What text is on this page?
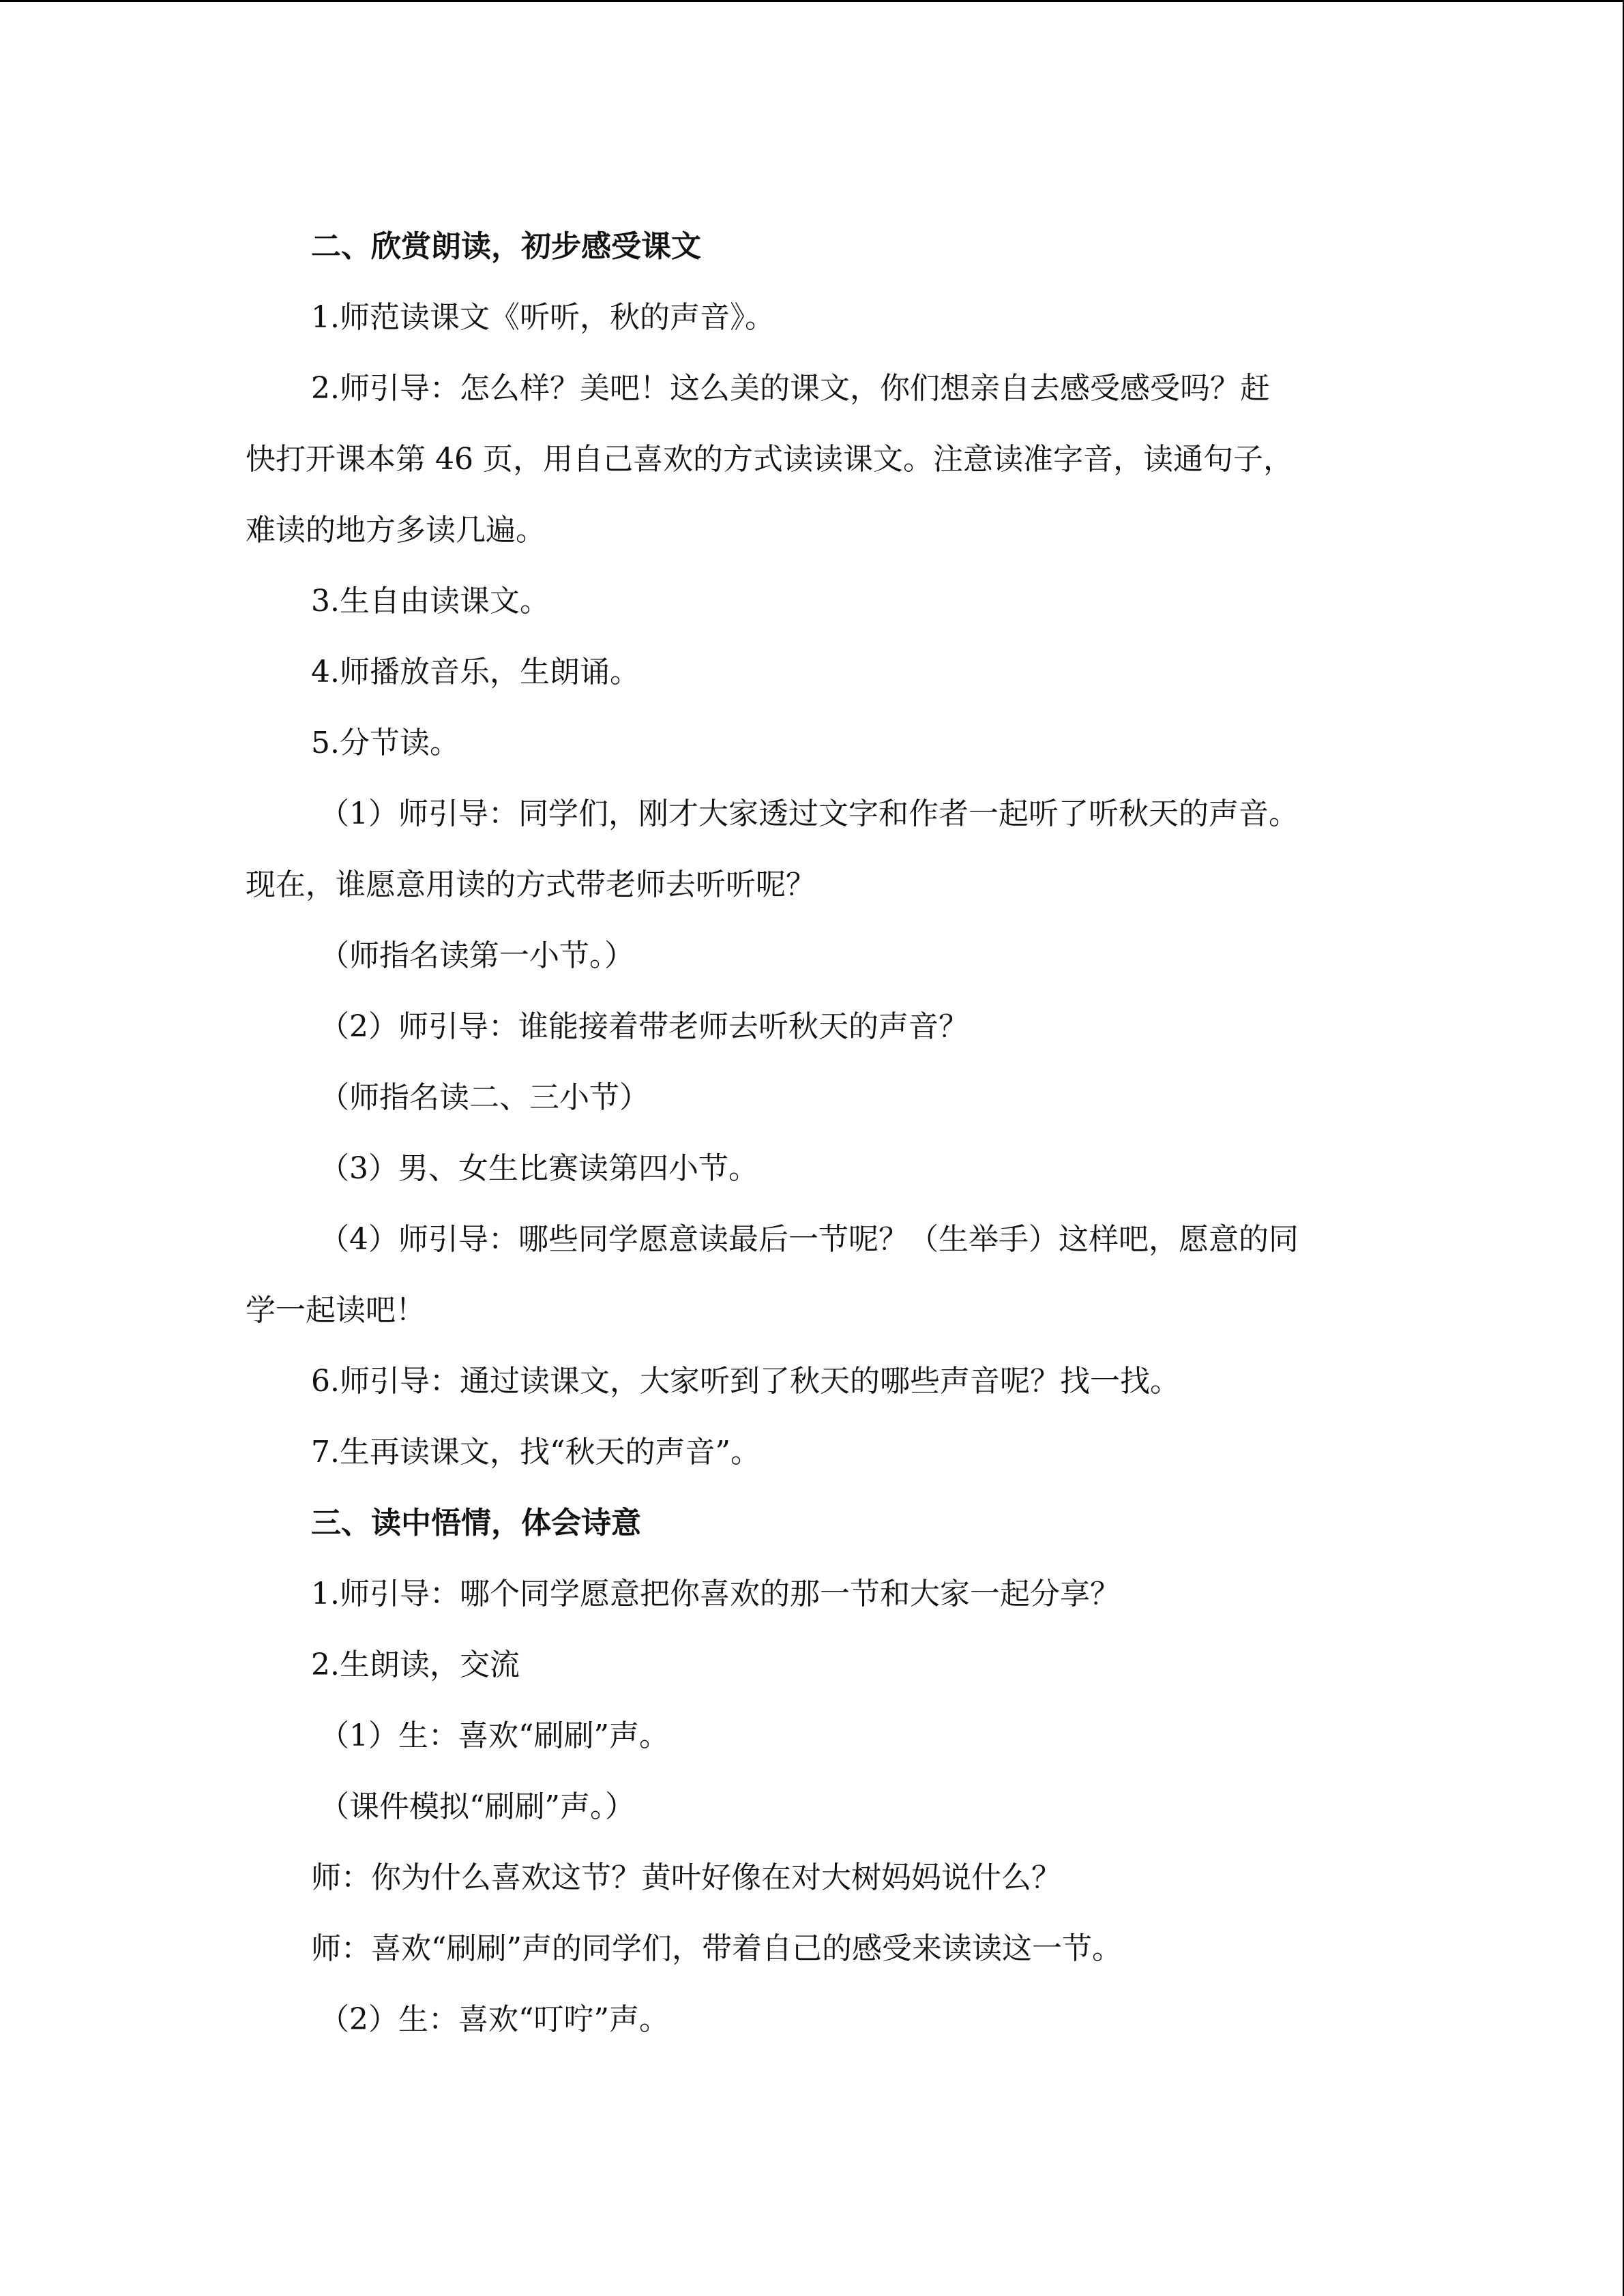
二、欣赏朗读，初步感受课文
1.师范读课文《听听，秋的声音》。
2.师引导：怎么样？美吧！这么美的课文，你们想亲自去感受感受吗？赶
快打开课本第 46 页，用自己喜欢的方式读读课文。注意读准字音，读通句子，
难读的地方多读几遍。
3.生自由读课文。
4.师播放音乐，生朗诵。
5.分节读。
（1）师引导：同学们，刚才大家透过文字和作者一起听了听秋天的声音。
现在，谁愿意用读的方式带老师去听听呢？
（师指名读第一小节。）
（2）师引导：谁能接着带老师去听秋天的声音？
（师指名读二、三小节）
（3）男、女生比赛读第四小节。
（4）师引导：哪些同学愿意读最后一节呢？（生举手）这样吧，愿意的同
学一起读吧！
6.师引导：通过读课文，大家听到了秋天的哪些声音呢？找一找。
7.生再读课文，找“秋天的声音”。
三、读中悟情，体会诗意
1.师引导：哪个同学愿意把你喜欢的那一节和大家一起分享？
2.生朗读，交流
（1）生：喜欢“刷刷”声。
（课件模拟“刷刷”声。）
师：你为什么喜欢这节？黄叶好像在对大树妈妈说什么？
师：喜欢“刷刷”声的同学们，带着自己的感受来读读这一节。
（2）生：喜欢“叮咛”声。
